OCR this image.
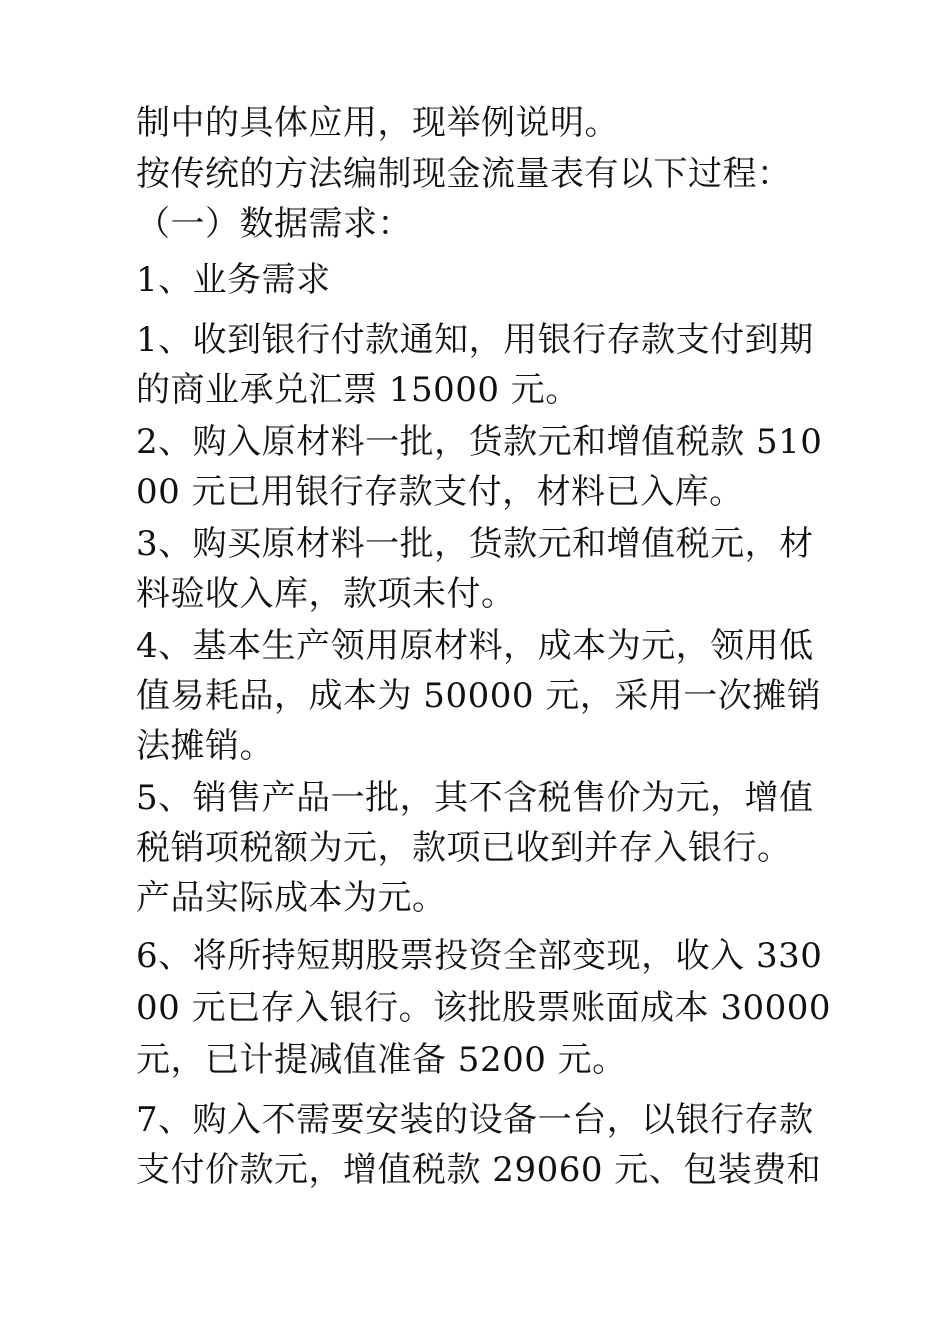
制中的具体应用，现举例说明。
按传统的方法编制现金流量表有以下过程：
（一）数据需求：
1、业务需求
1、收到银行付款通知，用银行存款支付到期
的商业承兑汇票 15000 元。
2、购入原材料一批，货款元和增值税款 510
00 元已用银行存款支付，材料已入库。
3、购买原材料一批，货款元和增值税元，材
料验收入库，款项未付。
4、基本生产领用原材料，成本为元，领用低
值易耗品，成本为 50000 元，采用一次摊销
法摊销。
5、销售产品一批，其不含税售价为元，增值
税销项税额为元，款项已收到并存入银行。
产品实际成本为元。
6、将所持短期股票投资全部变现，收入 330
00 元已存入银行。该批股票账面成本 30000
元，已计提减值准备 5200 元。
7、购入不需要安装的设备一台，以银行存款
支付价款元，增值税款 29060 元、包装费和
